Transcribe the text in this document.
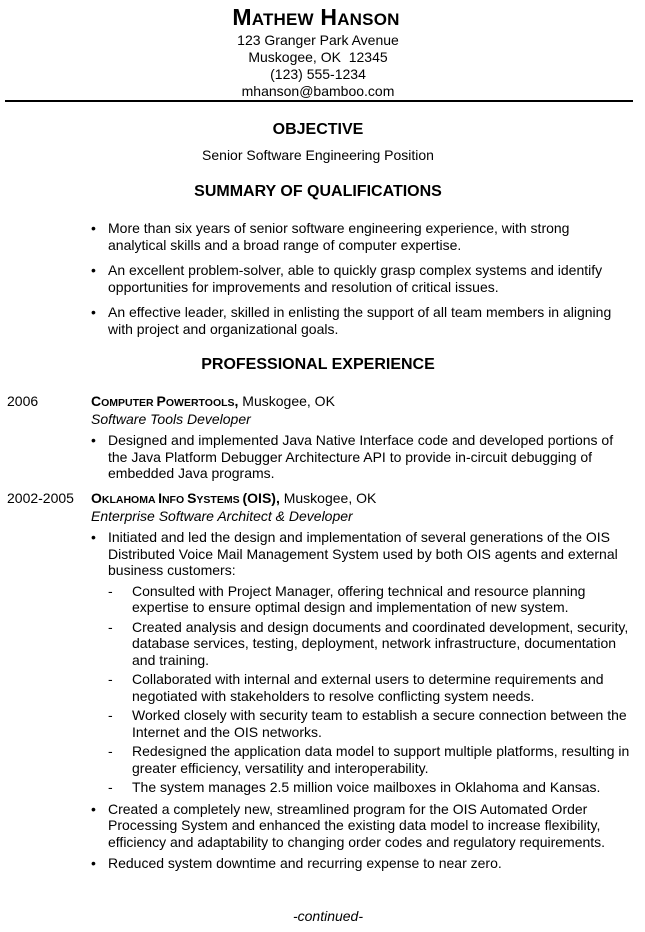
MATHEW HANSON
123 Granger Park Avenue
Muskogee, OK  12345
(123) 555-1234
mhanson@bamboo.com
OBJECTIVE
Senior Software Engineering Position
SUMMARY OF QUALIFICATIONS
• More than six years of senior software engineering experience, with strong analytical skills and a broad range of computer expertise.
• An excellent problem-solver, able to quickly grasp complex systems and identify opportunities for improvements and resolution of critical issues.
• An effective leader, skilled in enlisting the support of all team members in aligning with project and organizational goals.
PROFESSIONAL EXPERIENCE
2006	COMPUTER POWERTOOLS, Muskogee, OK
Software Tools Developer
• Designed and implemented Java Native Interface code and developed portions of the Java Platform Debugger Architecture API to provide in-circuit debugging of embedded Java programs.
2002-2005 OKLAHOMA INFO SYSTEMS (OIS), Muskogee, OK
Enterprise Software Architect & Developer
• Initiated and led the design and implementation of several generations of the OIS Distributed Voice Mail Management System used by both OIS agents and external business customers:
- Consulted with Project Manager, offering technical and resource planning expertise to ensure optimal design and implementation of new system.
- Created analysis and design documents and coordinated development, security, database services, testing, deployment, network infrastructure, documentation and training.
- Collaborated with internal and external users to determine requirements and negotiated with stakeholders to resolve conflicting system needs.
- Worked closely with security team to establish a secure connection between the Internet and the OIS networks.
- Redesigned the application data model to support multiple platforms, resulting in greater efficiency, versatility and interoperability.
- The system manages 2.5 million voice mailboxes in Oklahoma and Kansas.
• Created a completely new, streamlined program for the OIS Automated Order Processing System and enhanced the existing data model to increase flexibility, efficiency and adaptability to changing order codes and regulatory requirements.
• Reduced system downtime and recurring expense to near zero.
-continued-
